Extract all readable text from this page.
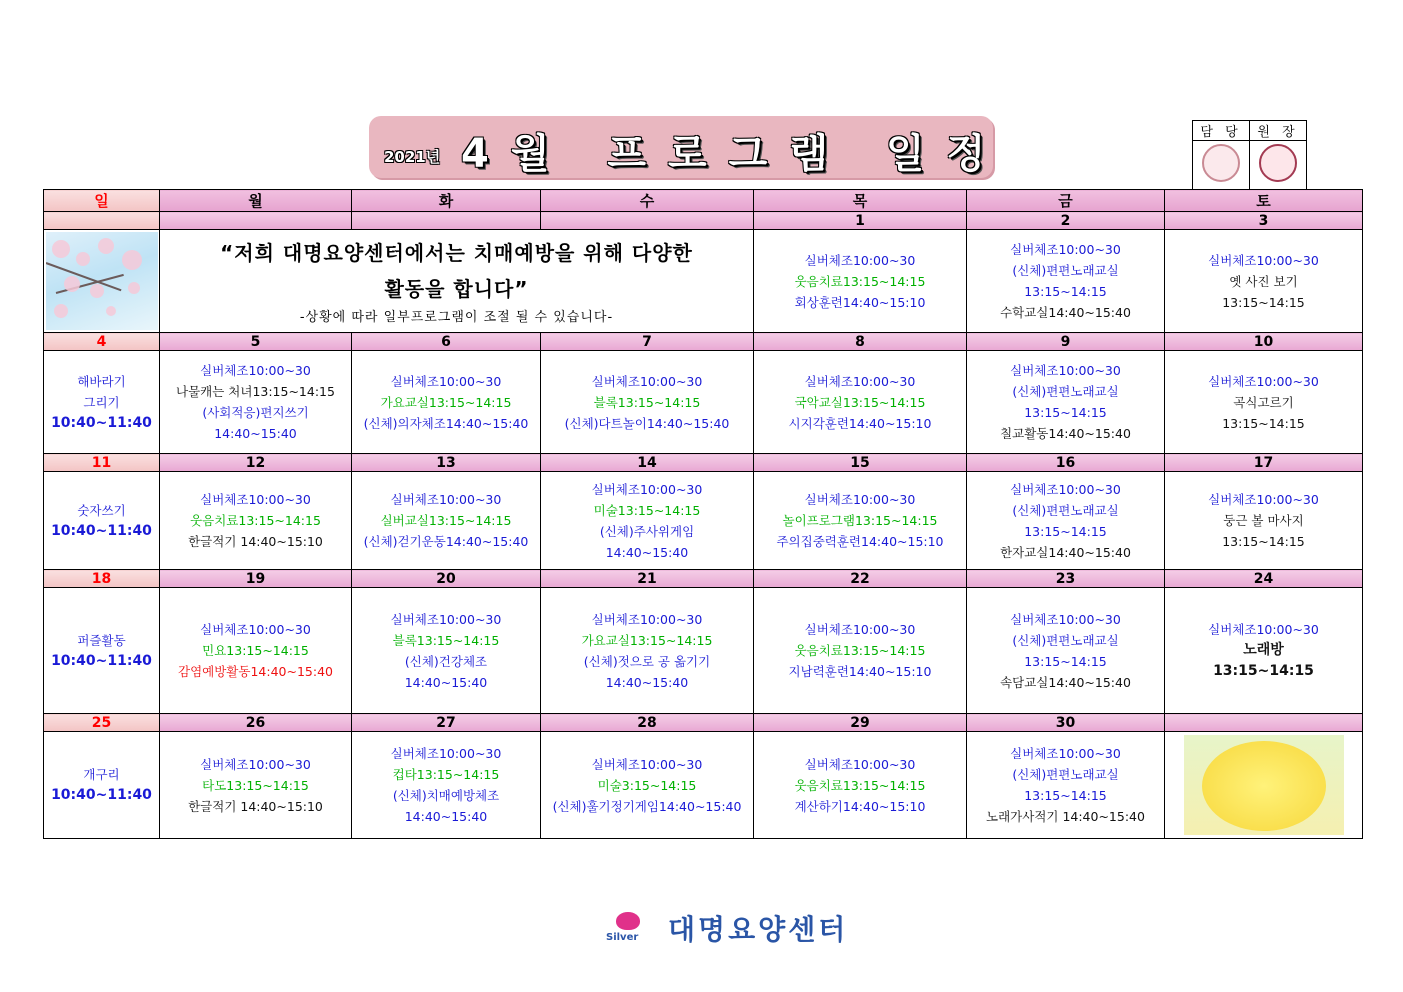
2021년 4월 프로그램 일정	담 당	원 장

일	월	화	수	목	금	토
				1	2	3

	“저희 대명요양센터에서는 치매예방을 위해 다양한
활동을 합니다”
-상황에 따라 일부프로그램이 조절 될 수 있습니다-			실버체조10:00~30
웃음치료13:15~14:15
회상훈련14:40~15:10	실버체조10:00~30
(신체)편편노래교실
13:15~14:15
수학교실14:40~15:40	실버체조10:00~30
옛 사진 보기
13:15~14:15

4	5	6	7	8	9	10

해바라기
그리기
10:40~11:40	실버체조10:00~30
나물캐는 처녀13:15~14:15
(사회적응)편지쓰기
14:40~15:40	실버체조10:00~30
가요교실13:15~14:15
(신체)의자체조14:40~15:40	실버체조10:00~30
블록13:15~14:15
(신체)다트놀이14:40~15:40	실버체조10:00~30
국악교실13:15~14:15
시지각훈련14:40~15:10	실버체조10:00~30
(신체)편편노래교실
13:15~14:15
칠교활동14:40~15:40	실버체조10:00~30
곡식고르기
13:15~14:15

11	12	13	14	15	16	17

숫자쓰기
10:40~11:40	실버체조10:00~30
웃음치료13:15~14:15
한글적기 14:40~15:10	실버체조10:00~30
실버교실13:15~14:15
(신체)걷기운동14:40~15:40	실버체조10:00~30
미술13:15~14:15
(신체)주사위게임
14:40~15:40	실버체조10:00~30
놀이프로그램13:15~14:15
주의집중력훈련14:40~15:10	실버체조10:00~30
(신체)편편노래교실
13:15~14:15
한자교실14:40~15:40	실버체조10:00~30
둥근 볼 마사지
13:15~14:15

18	19	20	21	22	23	24

퍼즐활동
10:40~11:40	실버체조10:00~30
민요13:15~14:15
감염예방활동14:40~15:40	실버체조10:00~30
블록13:15~14:15
(신체)건강체조
14:40~15:40	실버체조10:00~30
가요교실13:15~14:15
(신체)젓으로 공 옮기기
14:40~15:40	실버체조10:00~30
웃음치료13:15~14:15
지남력훈련14:40~15:10	실버체조10:00~30
(신체)편편노래교실
13:15~14:15
속담교실14:40~15:40	실버체조10:00~30
노래방
13:15~14:15

25	26	27	28	29	30	

개구리
10:40~11:40	실버체조10:00~30
타도13:15~14:15
한글적기 14:40~15:10	실버체조10:00~30
컵타13:15~14:15
(신체)치매예방체조
14:40~15:40	실버체조10:00~30
미술3:15~14:15
(신체)훌기정기게임14:40~15:40	실버체조10:00~30
웃음치료13:15~14:15
계산하기14:40~15:10	실버체조10:00~30
(신체)편편노래교실
13:15~14:15
노래가사적기 14:40~15:40	

Silver 대명요양센터
